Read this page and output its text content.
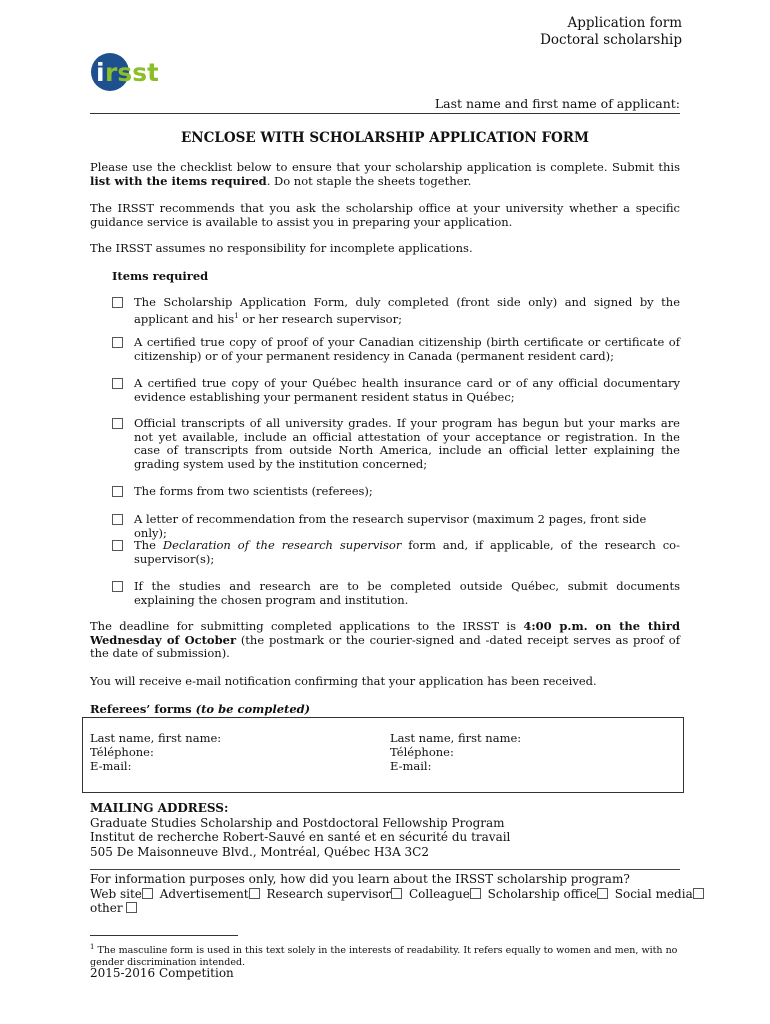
Application form
Doctoral scholarship
i rsst
Last name and first name of applicant:
ENCLOSE WITH SCHOLARSHIP APPLICATION FORM

Please use the checklist below to ensure that your scholarship application is complete. Submit this list with the items required. Do not staple the sheets together.

The IRSST recommends that you ask the scholarship office at your university whether a specific guidance service is available to assist you in preparing your application.

The IRSST assumes no responsibility for incomplete applications.

Items required
The Scholarship Application Form, duly completed (front side only) and signed by the applicant and his$^1$ or her research supervisor;
A certified true copy of proof of your Canadian citizenship (birth certificate or certificate of citizenship) or of your permanent residency in Canada (permanent resident card);
A certified true copy of your Québec health insurance card or of any official documentary evidence establishing your permanent resident status in Québec;
Official transcripts of all university grades. If your program has begun but your marks are not yet available, include an official attestation of your acceptance or registration. In the case of transcripts from outside North America, include an official letter explaining the grading system used by the institution concerned;
The forms from two scientists (referees);
A letter of recommendation from the research supervisor (maximum 2 pages, front side only);
The Declaration of the research supervisor form and, if applicable, of the research co-supervisor(s);
If the studies and research are to be completed outside Québec, submit documents explaining the chosen program and institution.

The deadline for submitting completed applications to the IRSST is 4:00 p.m. on the third Wednesday of October (the postmark or the courier-signed and -dated receipt serves as proof of the date of submission).

You will receive e-mail notification confirming that your application has been received.

Referees’ forms (to be completed)
Last name, first name:
Téléphone:
E-mail:
Last name, first name:
Téléphone:
E-mail:
MAILING ADDRESS:
Graduate Studies Scholarship and Postdoctoral Fellowship Program
Institut de recherche Robert-Sauvé en santé et en sécurité du travail
505 De Maisonneuve Blvd., Montréal, Québec H3A 3C2
For information purposes only, how did you learn about the IRSST scholarship program?
Web site Advertisement Research supervisor Colleague Scholarship office Social media
other
$^1$ The masculine form is used in this text solely in the interests of readability. It refers equally to women and men, with no gender discrimination intended.
2015-2016 Competition
